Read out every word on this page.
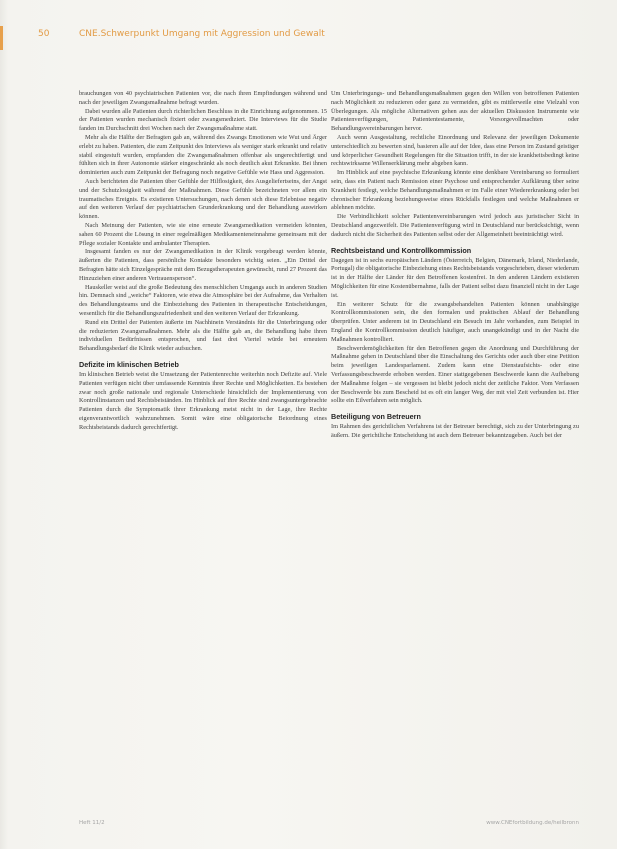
50	CNE.Schwerpunkt Umgang mit Aggression und Gewalt

brauchungen von 40 psychiatrischen Patienten vor, die nach ihren Empfindungen während und nach der jeweiligen Zwangsmaßnahme befragt wurden.

Dabei wurden alle Patienten durch richterlichen Beschluss in die Einrichtung aufgenommen. 15 der Patienten wurden mechanisch fixiert oder zwangsmediziert. Die Interviews für die Studie fanden im Durchschnitt drei Wochen nach der Zwangsmaßnahme statt.

Mehr als die Hälfte der Befragten gab an, während des Zwangs Emotionen wie Wut und Ärger erlebt zu haben. Patienten, die zum Zeitpunkt des Interviews als weniger stark erkrankt und relativ stabil eingestuft wurden, empfanden die Zwangsmaßnahmen offenbar als ungerechtfertigt und fühlten sich in ihrer Autonomie stärker eingeschränkt als noch deutlich akut Erkrankte. Bei ihnen dominierten auch zum Zeitpunkt der Befragung noch negative Gefühle wie Hass und Aggression.

Auch berichteten die Patienten über Gefühle der Hilflosigkeit, des Ausgeliefertseins, der Angst und der Schutzlosigkeit während der Maßnahmen. Diese Gefühle bezeichneten vor allem ein traumatisches Ereignis. Es existieren Untersuchungen, nach denen sich diese Erlebnisse negativ auf den weiteren Verlauf der psychiatrischen Grunderkrankung und der Behandlung auswirken können.

Nach Meinung der Patienten, wie sie eine erneute Zwangsmedikation vermeiden könnten, sahen 60 Prozent die Lösung in einer regelmäßigen Medikamenteneinnahme gemeinsam mit der Pflege sozialer Kontakte und ambulanter Therapien.

Insgesamt fanden es nur der Zwangsmedikation in der Klinik vorgebeugt werden könnte, äußerten die Patienten, dass persönliche Kontakte besonders wichtig seien. „Ein Drittel der Befragten hätte sich Einzelgespräche mit dem Bezugstherapeuten gewünscht, rund 27 Prozent das Hinzuziehen einer anderen Vertrauensperson“.

Hauskeller weist auf die große Bedeutung des menschlichen Umgangs auch in anderen Studien hin. Demnach sind „weiche“ Faktoren, wie etwa die Atmosphäre bei der Aufnahme, das Verhalten des Behandlungsteams und die Einbeziehung des Patienten in therapeutische Entscheidungen, wesentlich für die Behandlungszufriedenheit und den weiteren Verlauf der Erkrankung.

Rund ein Drittel der Patienten äußerte im Nachhinein Verständnis für die Unterbringung oder die reduzierten Zwangsmaßnahmen. Mehr als die Hälfte gab an, die Behandlung habe ihren individuellen Bedürfnissen entsprochen, und fast drei Viertel würde bei erneutem Behandlungsbedarf die Klinik wieder aufsuchen.

Defizite im klinischen Betrieb

Im klinischen Betrieb weist die Umsetzung der Patientenrechte weiterhin noch Defizite auf. Viele Patienten verfügen nicht über umfassende Kenntnis ihrer Rechte und Möglichkeiten. Es bestehen zwar noch große nationale und regionale Unterschiede hinsichtlich der Implementierung von Kontrollinstanzen und Rechtsbeiständen. Im Hinblick auf ihre Rechte sind zwangsuntergebrachte Patienten durch die Symptomatik ihrer Erkrankung meist nicht in der Lage, ihre Rechte eigenverantwortlich wahrzunehmen. Somit wäre eine obligatorische Beiordnung eines Rechtsbeistands dadurch gerechtfertigt.

Um Unterbringungs- und Behandlungsmaßnahmen gegen den Willen von betroffenen Patienten nach Möglichkeit zu reduzieren oder ganz zu vermeiden, gibt es mittlerweile eine Vielzahl von Überlegungen. Als mögliche Alternativen gehen aus der aktuellen Diskussion Instrumente wie Patientenverfügungen, Patiententestamente, Vorsorgevollmachten oder Behandlungsvereinbarungen hervor.

Auch wenn Ausgestaltung, rechtliche Einordnung und Relevanz der jeweiligen Dokumente unterschiedlich zu bewerten sind, basieren alle auf der Idee, dass eine Person im Zustand geistiger und körperlicher Gesundheit Regelungen für die Situation trifft, in der sie krankheitsbedingt keine rechtswirksame Willenserklärung mehr abgeben kann.

Im Hinblick auf eine psychische Erkrankung könnte eine denkbare Vereinbarung so formuliert sein, dass ein Patient nach Remission einer Psychose und entsprechender Aufklärung über seine Krankheit festlegt, welche Behandlungsmaßnahmen er im Falle einer Wiedererkrankung oder bei chronischer Erkrankung beziehungsweise eines Rückfalls festlegen und welche Maßnahmen er ablehnen möchte.

Die Verbindlichkeit solcher Patientenvereinbarungen wird jedoch aus juristischer Sicht in Deutschland angezweifelt. Die Patientenverfügung wird in Deutschland nur berücksichtigt, wenn dadurch nicht die Sicherheit des Patienten selbst oder der Allgemeinheit beeinträchtigt wird.

Rechtsbeistand und Kontrollkommission

Dagegen ist in sechs europäischen Ländern (Österreich, Belgien, Dänemark, Irland, Niederlande, Portugal) die obligatorische Einbeziehung eines Rechtsbeistands vorgeschrieben, dieser wiederum ist in der Hälfte der Länder für den Betroffenen kostenfrei. In den anderen Ländern existieren Möglichkeiten für eine Kostenübernahme, falls der Patient selbst dazu finanziell nicht in der Lage ist.

Ein weiterer Schutz für die zwangsbehandelten Patienten können unabhängige Kontrollkommissionen sein, die den formalen und praktischen Ablauf der Behandlung überprüfen. Unter anderem ist in Deutschland ein Besuch im Jahr vorhanden, zum Beispiel in England die Kontrollkommission deutlich häufiger, auch unangekündigt und in der Nacht die Maßnahmen kontrolliert.

Beschwerdemöglichkeiten für den Betroffenen gegen die Anordnung und Durchführung der Maßnahme gehen in Deutschland über die Einschaltung des Gerichts oder auch über eine Petition beim jeweiligen Landesparlament. Zudem kann eine Dienstaufsichts- oder eine Verfassungsbeschwerde erhoben werden. Einer stattgegebenen Beschwerde kann die Aufhebung der Maßnahme folgen – sie vergessen ist bleibt jedoch nicht der zeitliche Faktor. Vom Verfassen der Beschwerde bis zum Bescheid ist es oft ein langer Weg, der mit viel Zeit verbunden ist. Hier sollte ein Eilverfahren sein möglich.

Beteiligung von Betreuern

Im Rahmen des gerichtlichen Verfahrens ist der Betreuer berechtigt, sich zu der Unterbringung zu äußern. Die gerichtliche Entscheidung ist auch dem Betreuer bekanntzugeben. Auch bei der

Heft 11/2	www.CNEfortbildung.de/heilbronn
